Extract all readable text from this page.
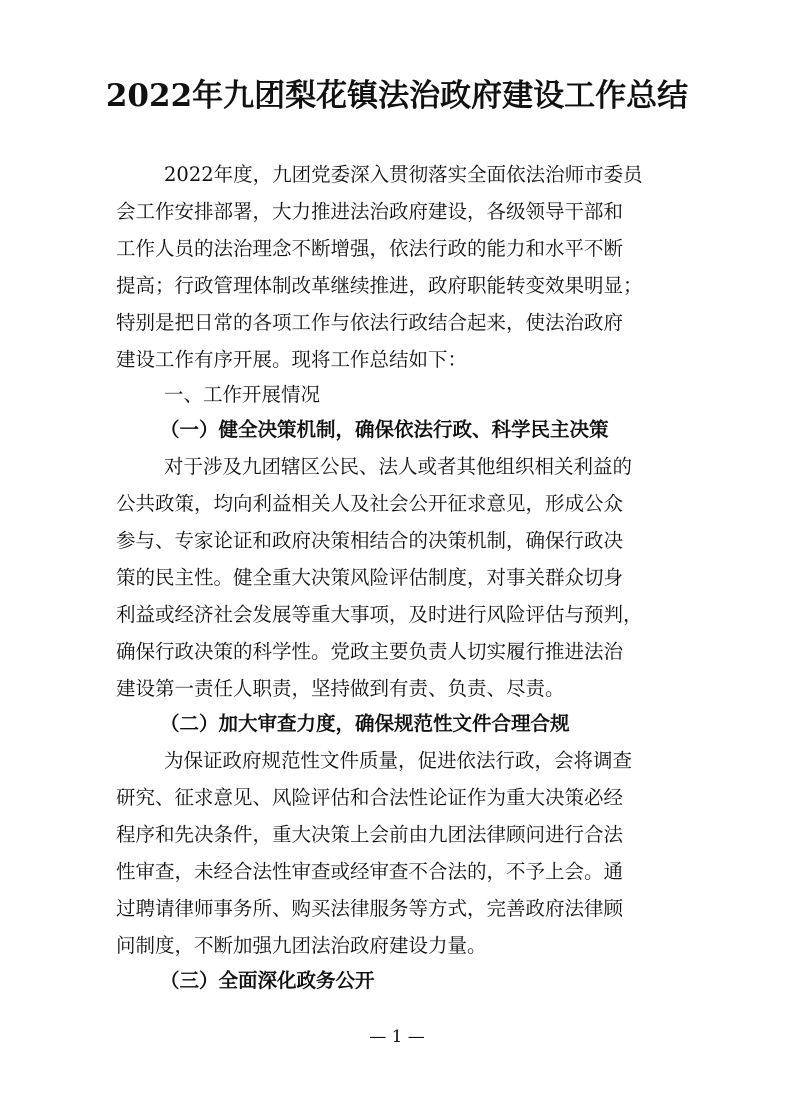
2022年九团梨花镇法治政府建设工作总结
2022年度，九团党委深入贯彻落实全面依法治师市委员
会工作安排部署，大力推进法治政府建设，各级领导干部和
工作人员的法治理念不断增强，依法行政的能力和水平不断
提高；行政管理体制改革继续推进，政府职能转变效果明显；
特别是把日常的各项工作与依法行政结合起来，使法治政府
建设工作有序开展。现将工作总结如下：
一、工作开展情况
（一）健全决策机制，确保依法行政、科学民主决策
对于涉及九团辖区公民、法人或者其他组织相关利益的
公共政策，均向利益相关人及社会公开征求意见，形成公众
参与、专家论证和政府决策相结合的决策机制，确保行政决
策的民主性。健全重大决策风险评估制度，对事关群众切身
利益或经济社会发展等重大事项，及时进行风险评估与预判，
确保行政决策的科学性。党政主要负责人切实履行推进法治
建设第一责任人职责，坚持做到有责、负责、尽责。
（二）加大审查力度，确保规范性文件合理合规
为保证政府规范性文件质量，促进依法行政，会将调查
研究、征求意见、风险评估和合法性论证作为重大决策必经
程序和先决条件，重大决策上会前由九团法律顾问进行合法
性审查，未经合法性审查或经审查不合法的，不予上会。通
过聘请律师事务所、购买法律服务等方式，完善政府法律顾
问制度，不断加强九团法治政府建设力量。
（三）全面深化政务公开
— 1 —
